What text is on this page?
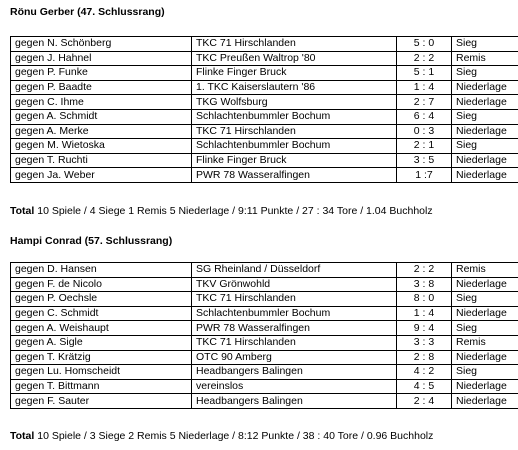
Rönu Gerber (47. Schlussrang)
gegen N. Schönberg	TKC 71 Hirschlanden	5 : 0	Sieg
gegen J. Hahnel	TKC Preußen Waltrop '80	2 : 2	Remis
gegen P. Funke	Flinke Finger Bruck	5 : 1	Sieg
gegen P. Baadte	1. TKC Kaiserslautern '86	1 : 4	Niederlage
gegen C. Ihme	TKG Wolfsburg	2 : 7	Niederlage
gegen A. Schmidt	Schlachtenbummler Bochum	6 : 4	Sieg
gegen A. Merke	TKC 71 Hirschlanden	0 : 3	Niederlage
gegen M. Wietoska	Schlachtenbummler Bochum	2 : 1	Sieg
gegen T. Ruchti	Flinke Finger Bruck	3 : 5	Niederlage
gegen Ja. Weber	PWR 78 Wasseralfingen	1 :7	Niederlage
Total 10 Spiele / 4 Siege 1 Remis 5 Niederlage / 9:11 Punkte / 27 : 34 Tore / 1.04 Buchholz
Hampi Conrad (57. Schlussrang)
gegen D. Hansen	SG Rheinland / Düsseldorf	2 : 2	Remis
gegen F. de Nicolo	TKV Grönwohld	3 : 8	Niederlage
gegen P. Oechsle	TKC 71 Hirschlanden	8 : 0	Sieg
gegen C. Schmidt	Schlachtenbummler Bochum	1 : 4	Niederlage
gegen A. Weishaupt	PWR 78 Wasseralfingen	9 : 4	Sieg
gegen A. Sigle	TKC 71 Hirschlanden	3 : 3	Remis
gegen T. Krätzig	OTC 90 Amberg	2 : 8	Niederlage
gegen Lu. Homscheidt	Headbangers Balingen	4 : 2	Sieg
gegen T. Bittmann	vereinslos	4 : 5	Niederlage
gegen F. Sauter	Headbangers Balingen	2 : 4	Niederlage
Total 10 Spiele / 3 Siege 2 Remis 5 Niederlage / 8:12 Punkte / 38 : 40 Tore / 0.96 Buchholz
